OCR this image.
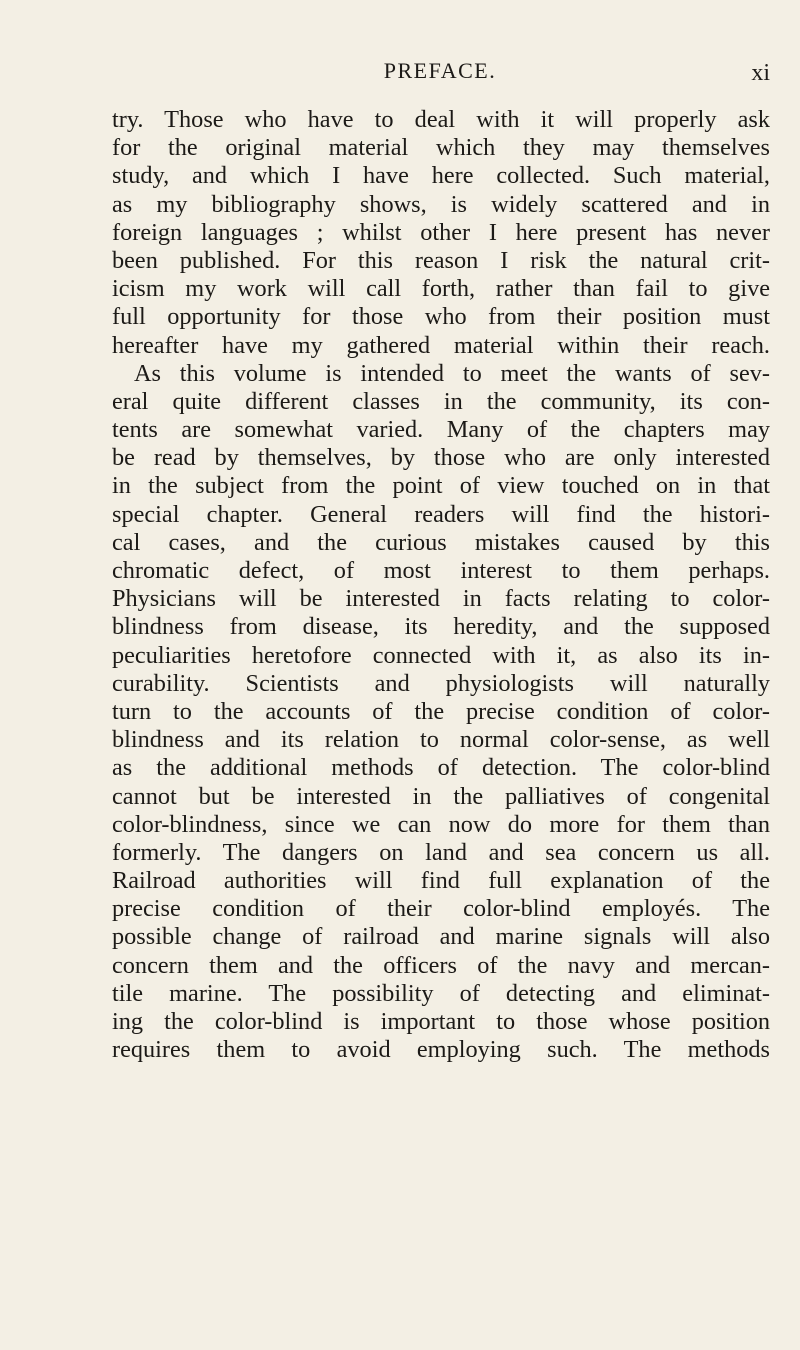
PREFACE.	xi
try. Those who have to deal with it will properly ask
for the original material which they may themselves
study, and which I have here collected. Such material,
as my bibliography shows, is widely scattered and in
foreign languages ; whilst other I here present has never
been published. For this reason I risk the natural crit-
icism my work will call forth, rather than fail to give
full opportunity for those who from their position must
hereafter have my gathered material within their reach.
As this volume is intended to meet the wants of sev-
eral quite different classes in the community, its con-
tents are somewhat varied. Many of the chapters may
be read by themselves, by those who are only interested
in the subject from the point of view touched on in that
special chapter. General readers will find the histori-
cal cases, and the curious mistakes caused by this
chromatic defect, of most interest to them perhaps.
Physicians will be interested in facts relating to color-
blindness from disease, its heredity, and the supposed
peculiarities heretofore connected with it, as also its in-
curability. Scientists and physiologists will naturally
turn to the accounts of the precise condition of color-
blindness and its relation to normal color-sense, as well
as the additional methods of detection. The color-blind
cannot but be interested in the palliatives of congenital
color-blindness, since we can now do more for them than
formerly. The dangers on land and sea concern us all.
Railroad authorities will find full explanation of the
precise condition of their color-blind employés. The
possible change of railroad and marine signals will also
concern them and the officers of the navy and mercan-
tile marine. The possibility of detecting and eliminat-
ing the color-blind is important to those whose position
requires them to avoid employing such. The methods
